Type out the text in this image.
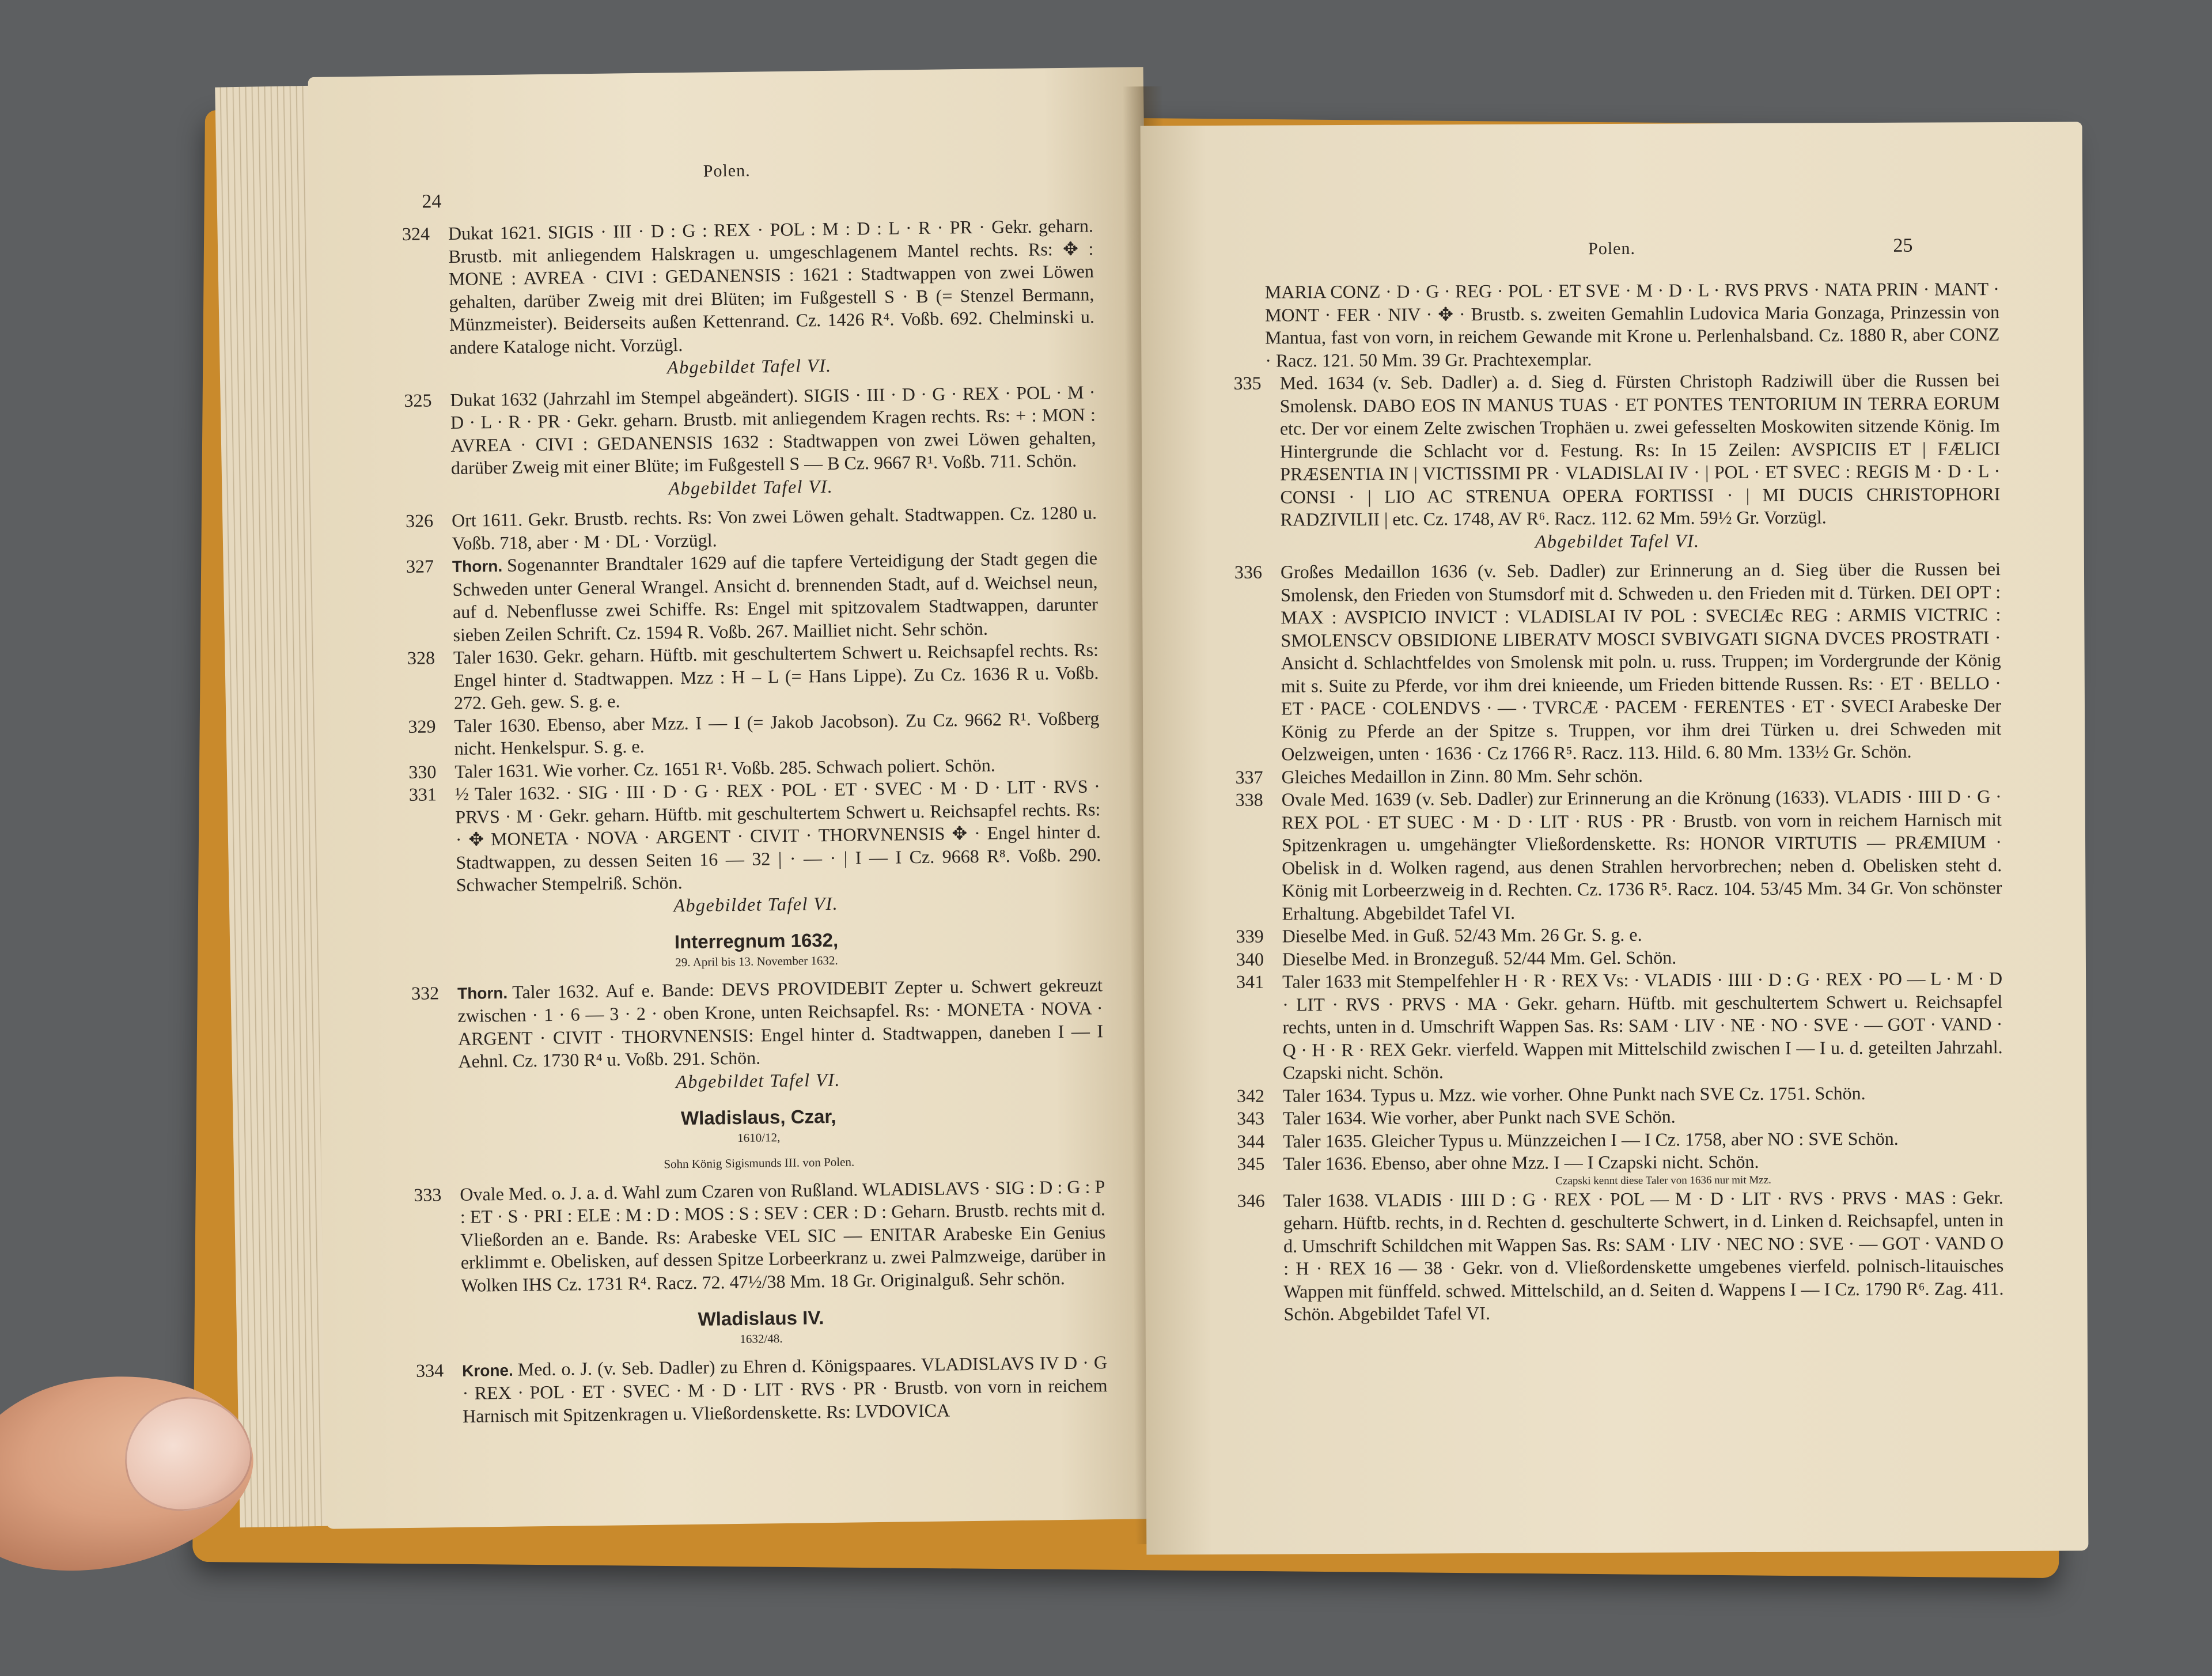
Polen.
24
324 Dukat 1621. SIGIS · III · D : G : REX · POL : M : D : L · R · PR · Gekr. geharn. Brustb. mit anliegendem Halskragen u. umgeschlagenem Mantel rechts. Rs: ✥ : MONE : AVREA · CIVI : GEDANENSIS : 1621 : Stadtwappen von zwei Löwen gehalten, darüber Zweig mit drei Blüten; im Fußgestell S · B (= Stenzel Bermann, Münzmeister). Beiderseits außen Kettenrand. Cz. 1426 R⁴. Voßb. 692. Chelminski u. andere Kataloge nicht. Vorzügl.
Abgebildet Tafel VI.
325 Dukat 1632 (Jahrzahl im Stempel abgeändert). SIGIS · III · D · G · REX · POL · M · D · L · R · PR · Gekr. geharn. Brustb. mit anliegendem Kragen rechts. Rs: + : MON : AVREA · CIVI : GEDANENSIS 1632 : Stadtwappen von zwei Löwen gehalten, darüber Zweig mit einer Blüte; im Fußgestell S — B Cz. 9667 R¹. Voßb. 711. Schön.
Abgebildet Tafel VI.
326 Ort 1611. Gekr. Brustb. rechts. Rs: Von zwei Löwen gehalt. Stadtwappen. Cz. 1280 u. Voßb. 718, aber · M · DL · Vorzügl.
327 Thorn. Sogenannter Brandtaler 1629 auf die tapfere Verteidigung der Stadt gegen die Schweden unter General Wrangel. Ansicht d. brennenden Stadt, auf d. Weichsel neun, auf d. Nebenflusse zwei Schiffe. Rs: Engel mit spitzovalem Stadtwappen, darunter sieben Zeilen Schrift. Cz. 1594 R. Voßb. 267. Mailliet nicht. Sehr schön.
328 Taler 1630. Gekr. geharn. Hüftb. mit geschultertem Schwert u. Reichsapfel rechts. Rs: Engel hinter d. Stadtwappen. Mzz : H – L (= Hans Lippe). Zu Cz. 1636 R u. Voßb. 272. Geh. gew. S. g. e.
329 Taler 1630. Ebenso, aber Mzz. I — I (= Jakob Jacobson). Zu Cz. 9662 R¹. Voßberg nicht. Henkelspur. S. g. e.
330 Taler 1631. Wie vorher. Cz. 1651 R¹. Voßb. 285. Schwach poliert. Schön.
331 ½ Taler 1632. · SIG · III · D · G · REX · POL · ET · SVEC · M · D · LIT · RVS · PRVS · M · Gekr. geharn. Hüftb. mit geschultertem Schwert u. Reichsapfel rechts. Rs: · ✥ MONETA · NOVA · ARGENT · CIVIT · THORVNENSIS ✥ · Engel hinter d. Stadtwappen, zu dessen Seiten 16 — 32 | · — · | I — I Cz. 9668 R⁸. Voßb. 290. Schwacher Stempelriß. Schön.
Abgebildet Tafel VI.
Interregnum 1632,
29. April bis 13. November 1632.
332 Thorn. Taler 1632. Auf e. Bande: DEVS PROVIDEBIT Zepter u. Schwert gekreuzt zwischen · 1 · 6 — 3 · 2 · oben Krone, unten Reichsapfel. Rs: · MONETA · NOVA · ARGENT · CIVIT · THORVNENSIS: Engel hinter d. Stadtwappen, daneben I — I Aehnl. Cz. 1730 R⁴ u. Voßb. 291. Schön.
Abgebildet Tafel VI.
Wladislaus, Czar,
1610/12,
Sohn König Sigismunds III. von Polen.
333 Ovale Med. o. J. a. d. Wahl zum Czaren von Rußland. WLADISLAVS · SIG : D : G : P : ET · S · PRI : ELE : M : D : MOS : S : SEV : CER : D : Geharn. Brustb. rechts mit d. Vließorden an e. Bande. Rs: Arabeske VEL SIC — ENITAR Arabeske Ein Genius erklimmt e. Obelisken, auf dessen Spitze Lorbeerkranz u. zwei Palmzweige, darüber in Wolken IHS Cz. 1731 R⁴. Racz. 72. 47½/38 Mm. 18 Gr. Originalguß. Sehr schön.
Wladislaus IV.
1632/48.
334 Krone. Med. o. J. (v. Seb. Dadler) zu Ehren d. Königspaares. VLADISLAVS IV D · G · REX · POL · ET · SVEC · M · D · LIT · RVS · PR · Brustb. von vorn in reichem Harnisch mit Spitzenkragen u. Vließordenskette. Rs: LVDOVICA
Polen.	25
MARIA CONZ · D · G · REG · POL · ET SVE · M · D · L · RVS PRVS · NATA PRIN · MANT · MONT · FER · NIV · ✥ · Brustb. s. zweiten Gemahlin Ludovica Maria Gonzaga, Prinzessin von Mantua, fast von vorn, in reichem Gewande mit Krone u. Perlenhalsband. Cz. 1880 R, aber CONZ · Racz. 121. 50 Mm. 39 Gr. Prachtexemplar.
335 Med. 1634 (v. Seb. Dadler) a. d. Sieg d. Fürsten Christoph Radziwill über die Russen bei Smolensk. DABO EOS IN MANUS TUAS · ET PONTES TENTORIUM IN TERRA EORUM etc. Der vor einem Zelte zwischen Trophäen u. zwei gefesselten Moskowiten sitzende König. Im Hintergrunde die Schlacht vor d. Festung. Rs: In 15 Zeilen: AVSPICIIS ET | FÆLICI PRÆSENTIA IN | VICTISSIMI PR · VLADISLAI IV · | POL · ET SVEC : REGIS M · D · L · CONSI · | LIO AC STRENUA OPERA FORTISSI · | MI DUCIS CHRISTOPHORI RADZIVILII | etc. Cz. 1748, AV R⁶. Racz. 112. 62 Mm. 59½ Gr. Vorzügl.
Abgebildet Tafel VI.
336 Großes Medaillon 1636 (v. Seb. Dadler) zur Erinnerung an d. Sieg über die Russen bei Smolensk, den Frieden von Stumsdorf mit d. Schweden u. den Frieden mit d. Türken. DEI OPT : MAX : AVSPICIO INVICT : VLADISLAI IV POL : SVECIÆc REG : ARMIS VICTRIC : SMOLENSCV OBSIDIONE LIBERATV MOSCI SVBIVGATI SIGNA DVCES PROSTRATI · Ansicht d. Schlachtfeldes von Smolensk mit poln. u. russ. Truppen; im Vordergrunde der König mit s. Suite zu Pferde, vor ihm drei knieende, um Frieden bittende Russen. Rs: · ET · BELLO · ET · PACE · COLENDVS · — · TVRCÆ · PACEM · FERENTES · ET · SVECI Arabeske Der König zu Pferde an der Spitze s. Truppen, vor ihm drei Türken u. drei Schweden mit Oelzweigen, unten · 1636 · Cz 1766 R⁵. Racz. 113. Hild. 6. 80 Mm. 133½ Gr. Schön.
337 Gleiches Medaillon in Zinn. 80 Mm. Sehr schön.
338 Ovale Med. 1639 (v. Seb. Dadler) zur Erinnerung an die Krönung (1633). VLADIS · IIII D · G · REX POL · ET SUEC · M · D · LIT · RUS · PR · Brustb. von vorn in reichem Harnisch mit Spitzenkragen u. umgehängter Vließordenskette. Rs: HONOR VIRTUTIS — PRÆMIUM · Obelisk in d. Wolken ragend, aus denen Strahlen hervorbrechen; neben d. Obelisken steht d. König mit Lorbeerzweig in d. Rechten. Cz. 1736 R⁵. Racz. 104. 53/45 Mm. 34 Gr. Von schönster Erhaltung. Abgebildet Tafel VI.
339 Dieselbe Med. in Guß. 52/43 Mm. 26 Gr. S. g. e.
340 Dieselbe Med. in Bronzeguß. 52/44 Mm. Gel. Schön.
341 Taler 1633 mit Stempelfehler H · R · REX Vs: · VLADIS · IIII · D : G · REX · PO — L · M · D · LIT · RVS · PRVS · MA · Gekr. geharn. Hüftb. mit geschultertem Schwert u. Reichsapfel rechts, unten in d. Umschrift Wappen Sas. Rs: SAM · LIV · NE · NO · SVE · — GOT · VAND · Q · H · R · REX Gekr. vierfeld. Wappen mit Mittelschild zwischen I — I u. d. geteilten Jahrzahl. Czapski nicht. Schön.
342 Taler 1634. Typus u. Mzz. wie vorher. Ohne Punkt nach SVE Cz. 1751. Schön.
343 Taler 1634. Wie vorher, aber Punkt nach SVE Schön.
344 Taler 1635. Gleicher Typus u. Münzzeichen I — I Cz. 1758, aber NO : SVE Schön.
345 Taler 1636. Ebenso, aber ohne Mzz. I — I Czapski nicht. Schön.
Czapski kennt diese Taler von 1636 nur mit Mzz.
346 Taler 1638. VLADIS · IIII D : G · REX · POL — M · D · LIT · RVS · PRVS · MAS : Gekr. geharn. Hüftb. rechts, in d. Rechten d. geschulterte Schwert, in d. Linken d. Reichsapfel, unten in d. Umschrift Schildchen mit Wappen Sas. Rs: SAM · LIV · NEC NO : SVE · — GOT · VAND O : H · REX 16 — 38 · Gekr. von d. Vließordenskette umgebenes vierfeld. polnisch-litauisches Wappen mit fünffeld. schwed. Mittelschild, an d. Seiten d. Wappens I — I Cz. 1790 R⁶. Zag. 411. Schön. Abgebildet Tafel VI.
